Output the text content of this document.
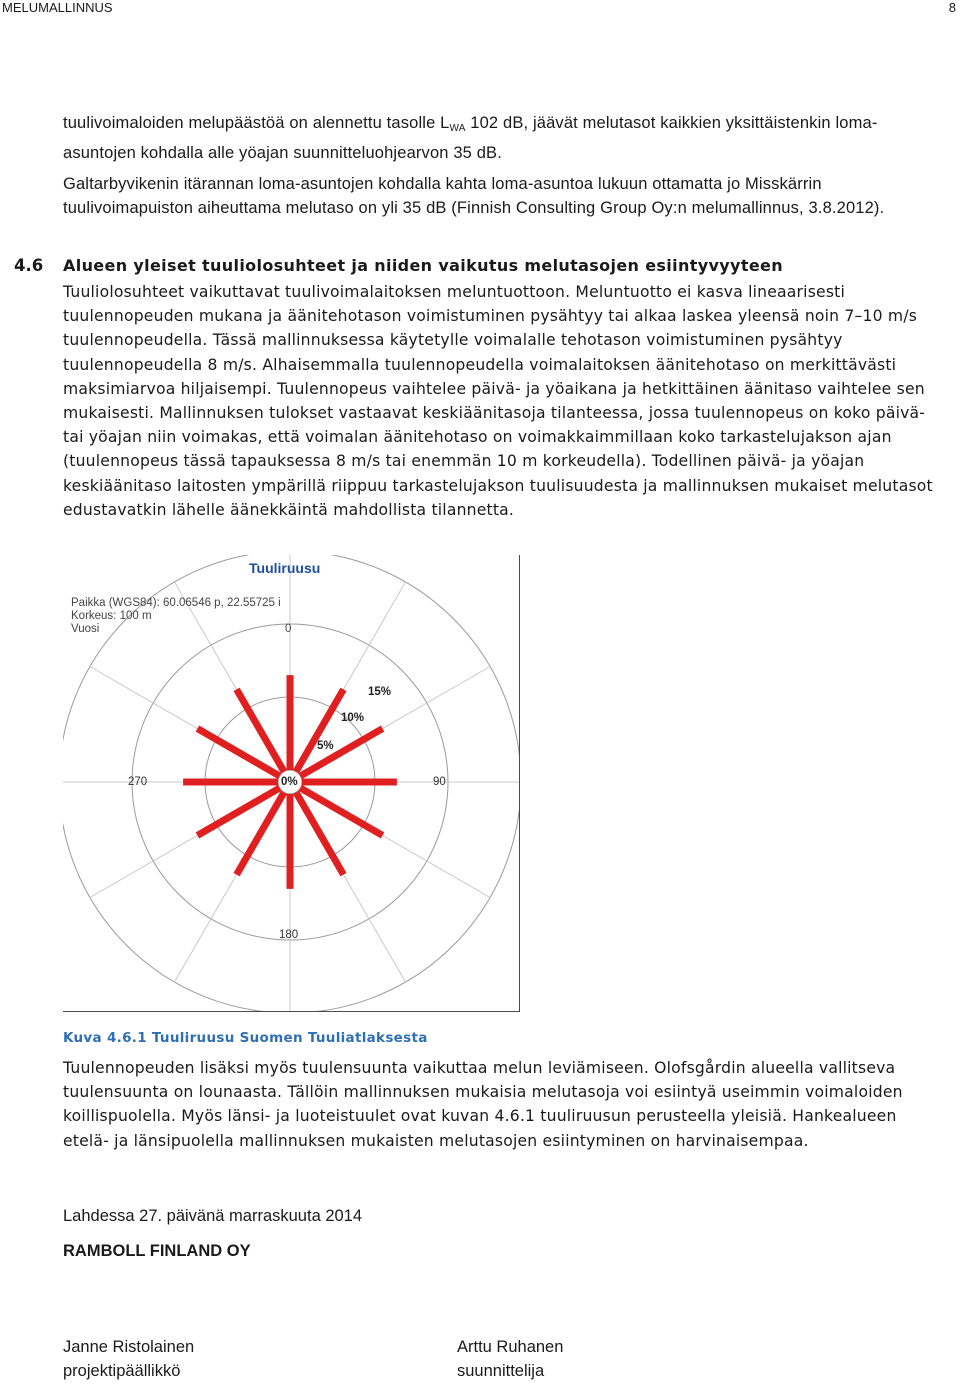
MELUMALLINNUS	8

tuulivoimaloiden melupäästöä on alennettu tasolle $L_{WA}$ 102 dB, jäävät melutasot kaikkien yksittäistenkin loma-asuntojen kohdalla alle yöajan suunnitteluohjearvon 35 dB.

Galtarbyvikenin itärannan loma-asuntojen kohdalla kahta loma-asuntoa lukuun ottamatta jo Misskärrin tuulivoimapuiston aiheuttama melutaso on yli 35 dB (Finnish Consulting Group Oy:n melumallinnus, 3.8.2012).

4.6 Alueen yleiset tuuliolosuhteet ja niiden vaikutus melutasojen esiintyvyyteen

Tuuliolosuhteet vaikuttavat tuulivoimalaitoksen meluntuottoon. Meluntuotto ei kasva lineaarisesti tuulennopeuden mukana ja äänitehotason voimistuminen pysähtyy tai alkaa laskea yleensä noin 7–10 m/s tuulennopeudella. Tässä mallinnuksessa käytetylle voimalalle tehotason voimistuminen pysähtyy tuulennopeudella 8 m/s. Alhaisemmalla tuulennopeudella voimalaitoksen äänitehotaso on merkittävästi maksimiarvoa hiljaisempi. Tuulennopeus vaihtelee päivä- ja yöaikana ja hetkittäinen äänitaso vaihtelee sen mukaisesti. Mallinnuksen tulokset vastaavat keskiäänitasoja tilanteessa, jossa tuulennopeus on koko päivä- tai yöajan niin voimakas, että voimalan äänitehotaso on voimakkaimmillaan koko tarkastelujakson ajan (tuulennopeus tässä tapauksessa 8 m/s tai enemmän 10 m korkeudella). Todellinen päivä- ja yöajan keskiäänitaso laitosten ympärillä riippuu tarkastelujakson tuulisuudesta ja mallinnuksen mukaiset melutasot edustavatkin lähelle äänekkäintä mahdollista tilannetta.

Tuuliruusu
Paikka (WGS84): 60.06546 p, 22.55725 i
Korkeus: 100 m
Vuosi	0
270	90
180
0%
5%
10%
15%
Kuva 4.6.1 Tuuliruusu Suomen Tuuliatlaksesta

Tuulennopeuden lisäksi myös tuulensuunta vaikuttaa melun leviämiseen. Olofsgårdin alueella vallitseva tuulensuunta on lounaasta. Tällöin mallinnuksen mukaisia melutasoja voi esiintyä useimmin voimaloiden koillispuolella. Myös länsi- ja luoteistuulet ovat kuvan 4.6.1 tuuliruusun perusteella yleisiä. Hankealueen etelä- ja länsipuolella mallinnuksen mukaisten melutasojen esiintyminen on harvinaisempaa.

Lahdessa 27. päivänä marraskuuta 2014
RAMBOLL FINLAND OY
Janne Ristolainen
projektipäällikkö
Arttu Ruhanen
suunnittelija
